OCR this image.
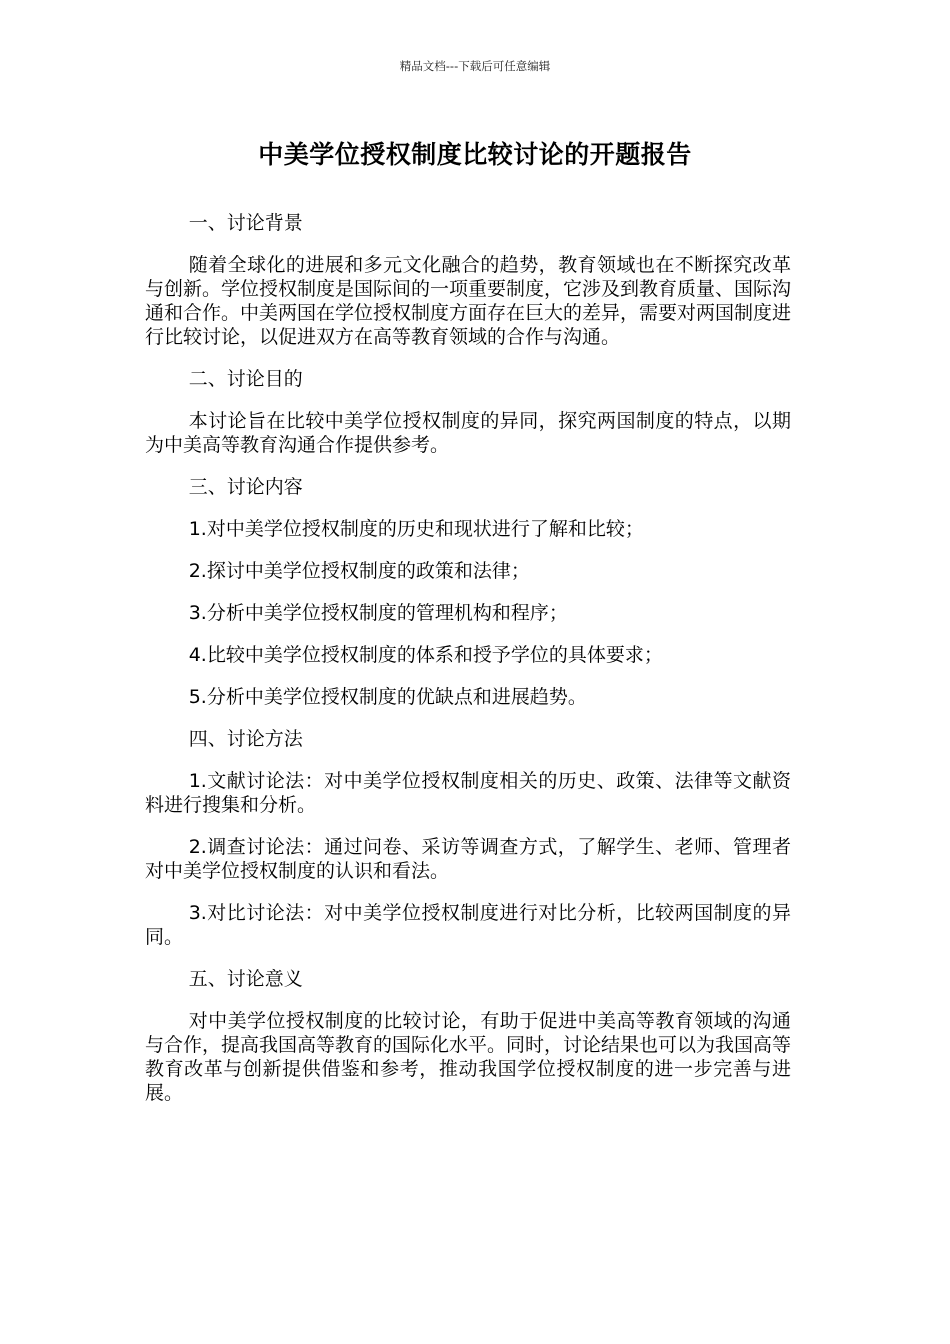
精品文档---下载后可任意编辑
中美学位授权制度比较讨论的开题报告

一、讨论背景

随着全球化的进展和多元文化融合的趋势，教育领域也在不断探究改革与创新。学位授权制度是国际间的一项重要制度，它涉及到教育质量、国际沟通和合作。中美两国在学位授权制度方面存在巨大的差异，需要对两国制度进行比较讨论，以促进双方在高等教育领域的合作与沟通。

二、讨论目的

本讨论旨在比较中美学位授权制度的异同，探究两国制度的特点，以期为中美高等教育沟通合作提供参考。

三、讨论内容

1.对中美学位授权制度的历史和现状进行了解和比较；

2.探讨中美学位授权制度的政策和法律；

3.分析中美学位授权制度的管理机构和程序；

4.比较中美学位授权制度的体系和授予学位的具体要求；

5.分析中美学位授权制度的优缺点和进展趋势。

四、讨论方法

1.文献讨论法：对中美学位授权制度相关的历史、政策、法律等文献资料进行搜集和分析。

2.调查讨论法：通过问卷、采访等调查方式，了解学生、老师、管理者对中美学位授权制度的认识和看法。

3.对比讨论法：对中美学位授权制度进行对比分析，比较两国制度的异同。

五、讨论意义

对中美学位授权制度的比较讨论，有助于促进中美高等教育领域的沟通与合作，提高我国高等教育的国际化水平。同时，讨论结果也可以为我国高等教育改革与创新提供借鉴和参考，推动我国学位授权制度的进一步完善与进展。
